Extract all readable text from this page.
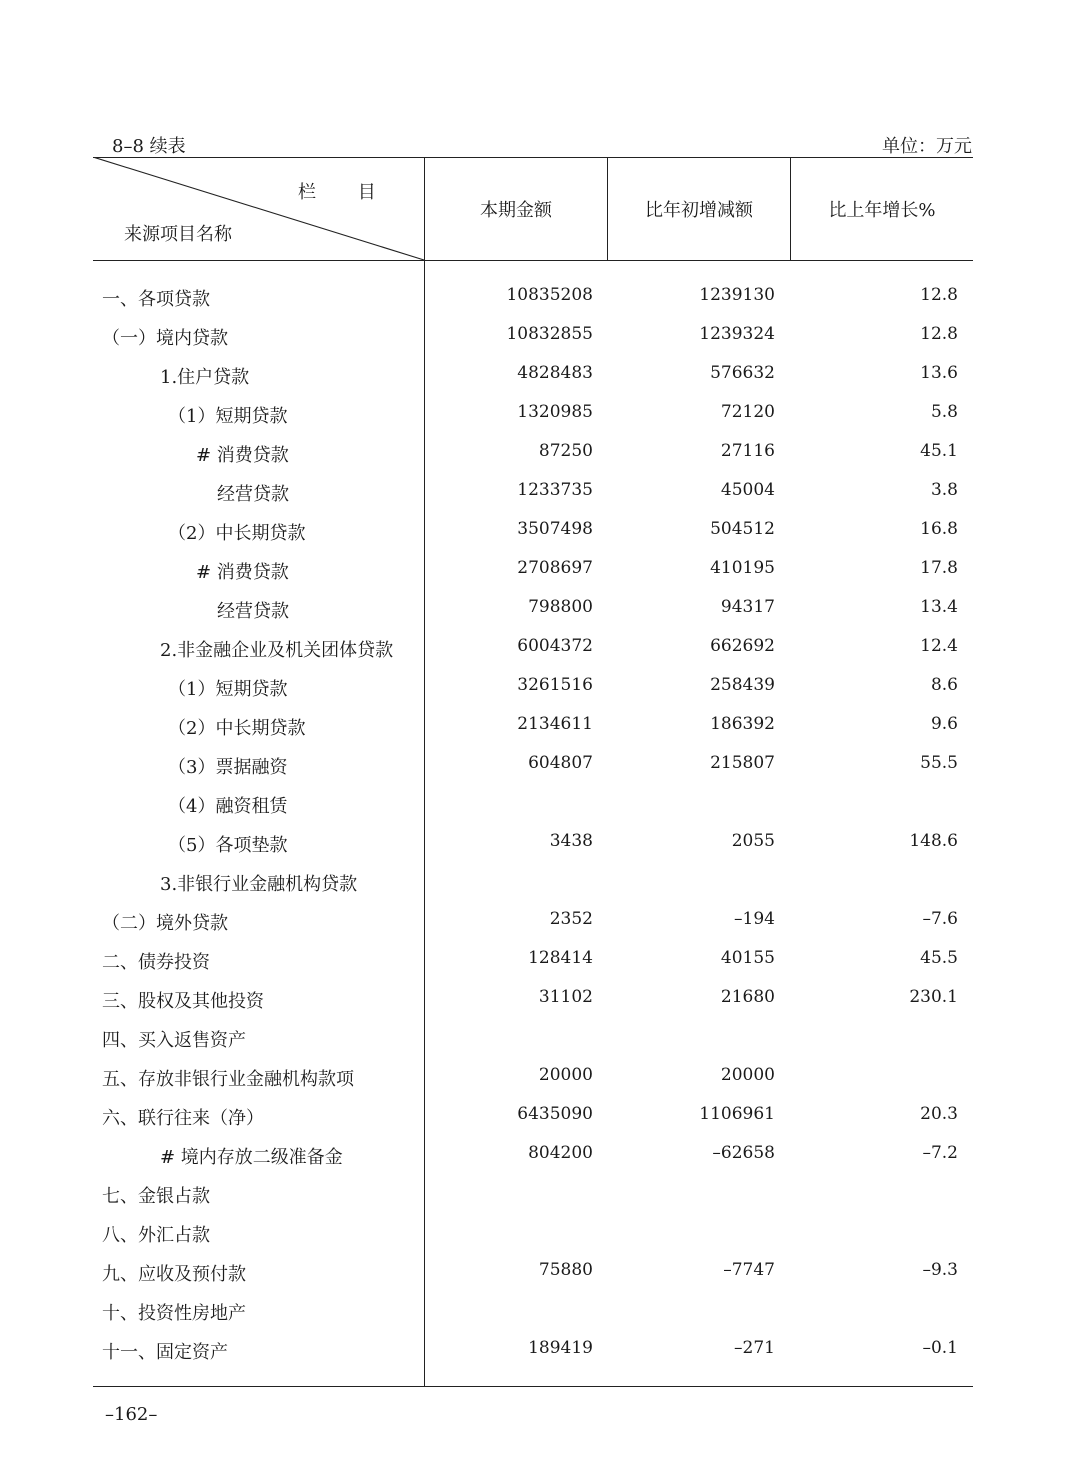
8–8 续表	单位：万元
栏 目
来源项目名称
本期金额	比年初增减额	比上年增长%
一、各项贷款	10835208	1239130	12.8
（一）境内贷款	10832855	1239324	12.8
1.住户贷款	4828483	576632	13.6
（1）短期贷款	1320985	72120	5.8
# 消费贷款	87250	27116	45.1
经营贷款	1233735	45004	3.8
（2）中长期贷款	3507498	504512	16.8
# 消费贷款	2708697	410195	17.8
经营贷款	798800	94317	13.4
2.非金融企业及机关团体贷款	6004372	662692	12.4
（1）短期贷款	3261516	258439	8.6
（2）中长期贷款	2134611	186392	9.6
（3）票据融资	604807	215807	55.5
（4）融资租赁
（5）各项垫款	3438	2055	148.6
3.非银行业金融机构贷款
（二）境外贷款	2352	–194	–7.6
二、债券投资	128414	40155	45.5
三、股权及其他投资	31102	21680	230.1
四、买入返售资产
五、存放非银行业金融机构款项	20000	20000
六、联行往来（净）	6435090	1106961	20.3
# 境内存放二级准备金	804200	–62658	–7.2
七、金银占款
八、外汇占款
九、应收及预付款	75880	–7747	–9.3
十、投资性房地产
十一、固定资产	189419	–271	–0.1
–162–
